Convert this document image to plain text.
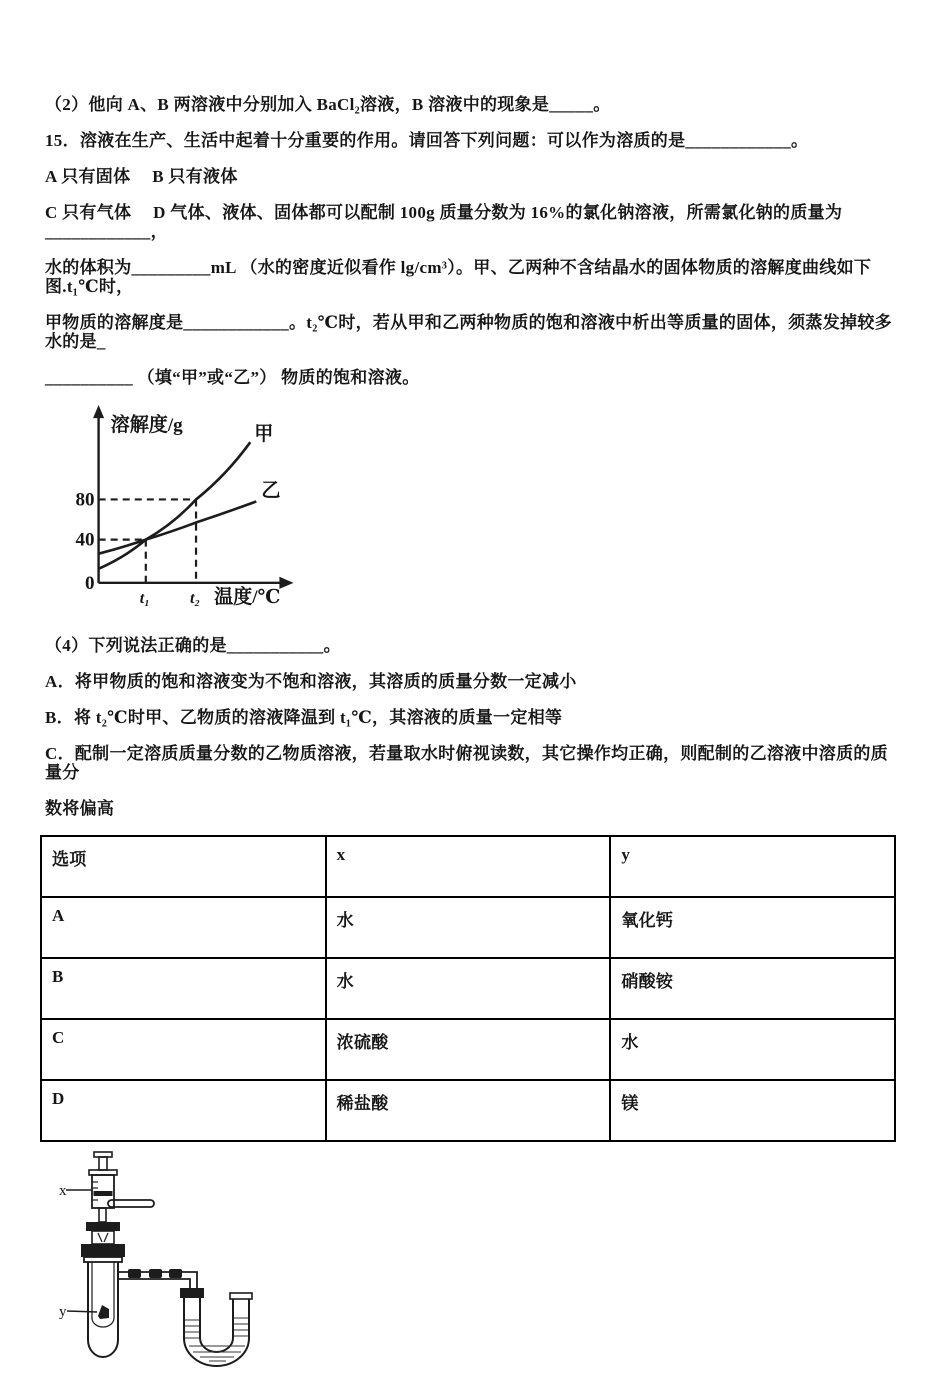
（2）他向 A、B 两溶液中分别加入 BaCl₂溶液，B 溶液中的现象是_____。

15．溶液在生产、生活中起着十分重要的作用。请回答下列问题：可以作为溶质的是____________。

A 只有固体　 B 只有液体

C 只有气体　 D 气体、液体、固体都可以配制 100g 质量分数为 16%的氯化钠溶液，所需氯化钠的质量为____________，

水的体积为_________mL （水的密度近似看作 lg/cm³）。甲、乙两种不含结晶水的固体物质的溶解度曲线如下图.t₁℃时，

甲物质的溶解度是____________。t₂℃时，若从甲和乙两种物质的饱和溶液中析出等质量的固体，须蒸发掉较多水的是_

__________ （填“甲”或“乙”） 物质的饱和溶液。

溶解度/g
80
40
0
t₁	t₂ 温度/℃
甲
乙

（4）下列说法正确的是___________。

A．将甲物质的饱和溶液变为不饱和溶液，其溶质的质量分数一定减小

B．将 t₂℃时甲、乙物质的溶液降温到 t₁℃，其溶液的质量一定相等

C．配制一定溶质质量分数的乙物质溶液，若量取水时俯视读数，其它操作均正确，则配制的乙溶液中溶质的质量分

数将偏高

选项	x	y
A	水	氧化钙
B	水	硝酸铵
C	浓硫酸	水
D	稀盐酸	镁
x
y
